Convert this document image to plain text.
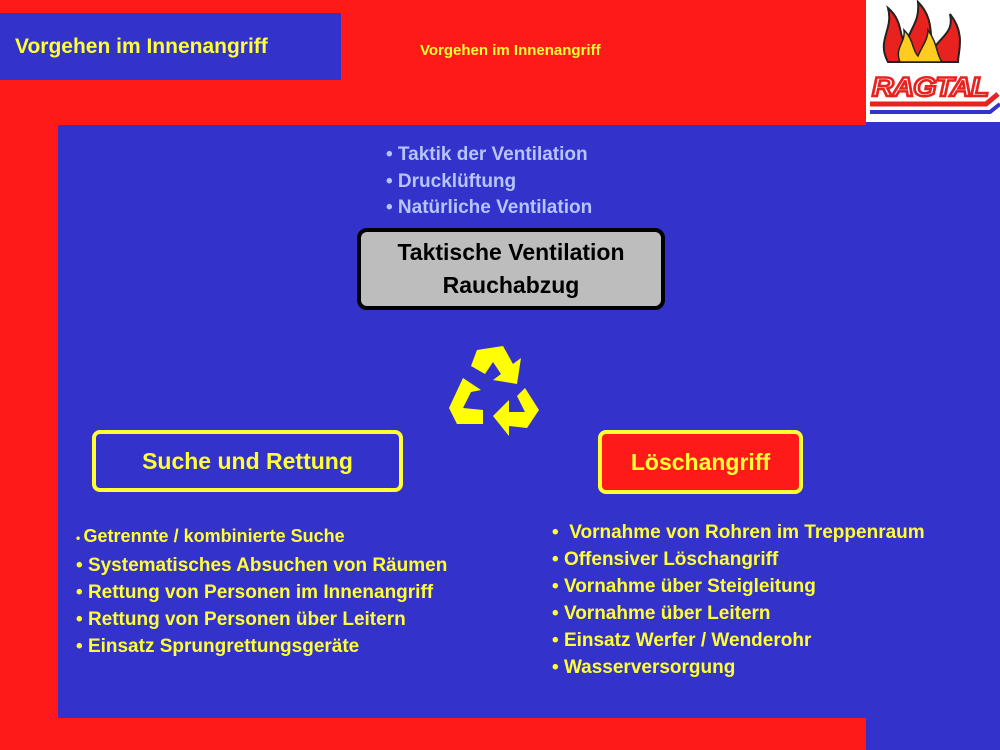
Vorgehen im Innenangriff	Vorgehen im Innenangriff
RAGTAL
• Taktik der Ventilation
• Drucklüftung
• Natürliche Ventilation
Taktische Ventilation
Rauchabzug
Suche und Rettung	Löschangriff
• Getrennte / kombinierte Suche
• Systematisches Absuchen von Räumen
• Rettung von Personen im Innenangriff
• Rettung von Personen über Leitern
• Einsatz Sprungrettungsgeräte
•  Vornahme von Rohren im Treppenraum
• Offensiver Löschangriff
• Vornahme über Steigleitung
• Vornahme über Leitern
• Einsatz Werfer / Wenderohr
• Wasserversorgung
